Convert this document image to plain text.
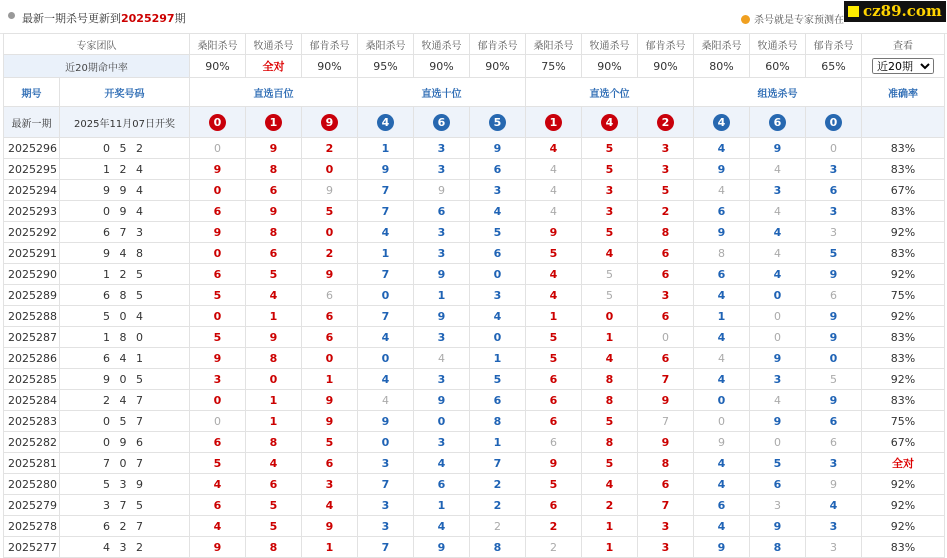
最新一期杀号更新到2025297期	杀号就是专家预测在
cz89.com
专家团队		桑阳杀号	牧通杀号	郁肯杀号	桑阳杀号	牧通杀号	郁肯杀号	桑阳杀号	牧通杀号	郁肯杀号	桑阳杀号	牧通杀号	郁肯杀号	查看
近20期命中率		90%	全对	90%	95%	90%	90%	75%	90%	90%	80%	60%	65%	
近20期
期号	开奖号码	直选百位			直选十位			直选个位			组选杀号			准确率
最新一期	2025年11月07日开奖	0	1	9	4	6	5	1	4	2	4	6	0	
2025296	0 5 2	0	9	2	1	3	9	4	5	3	4	9	0	83%
2025295	1 2 4	9	8	0	9	3	6	4	5	3	9	4	3	83%
2025294	9 9 4	0	6	9	7	9	3	4	3	5	4	3	6	67%
2025293	0 9 4	6	9	5	7	6	4	4	3	2	6	4	3	83%
2025292	6 7 3	9	8	0	4	3	5	9	5	8	9	4	3	92%
2025291	9 4 8	0	6	2	1	3	6	5	4	6	8	4	5	83%
2025290	1 2 5	6	5	9	7	9	0	4	5	6	6	4	9	92%
2025289	6 8 5	5	4	6	0	1	3	4	5	3	4	0	6	75%
2025288	5 0 4	0	1	6	7	9	4	1	0	6	1	0	9	92%
2025287	1 8 0	5	9	6	4	3	0	5	1	0	4	0	9	83%
2025286	6 4 1	9	8	0	0	4	1	5	4	6	4	9	0	83%
2025285	9 0 5	3	0	1	4	3	5	6	8	7	4	3	5	92%
2025284	2 4 7	0	1	9	4	9	6	6	8	9	0	4	9	83%
2025283	0 5 7	0	1	9	9	0	8	6	5	7	0	9	6	75%
2025282	0 9 6	6	8	5	0	3	1	6	8	9	9	0	6	67%
2025281	7 0 7	5	4	6	3	4	7	9	5	8	4	5	3	全对
2025280	5 3 9	4	6	3	7	6	2	5	4	6	4	6	9	92%
2025279	3 7 5	6	5	4	3	1	2	6	2	7	6	3	4	92%
2025278	6 2 7	4	5	9	3	4	2	2	1	3	4	9	3	92%
2025277	4 3 2	9	8	1	7	9	8	2	1	3	9	8	3	83%
